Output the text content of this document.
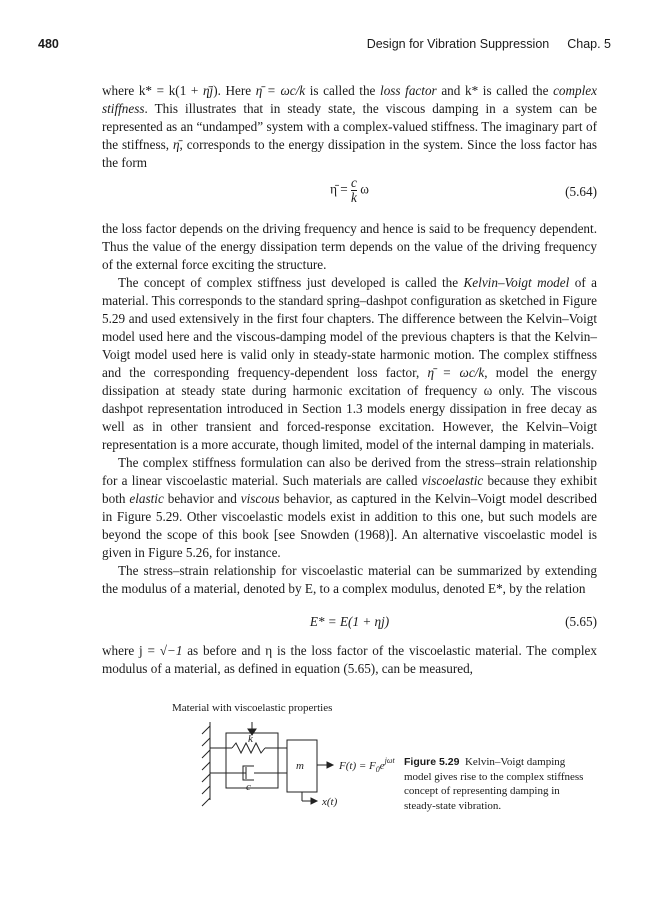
480	Design for Vibration Suppression Chap. 5

where k* = k(1 + η̄j). Here η̄ = ωc/k is called the loss factor and k* is called the complex stiffness. This illustrates that in steady state, the viscous damping in a system can be represented as an “undamped” system with a complex-valued stiffness. The imaginary part of the stiffness, η̄, corresponds to the energy dissipation in the system. Since the loss factor has the form

η̄ = $\frac{c}{k}$ ω	(5.64)

the loss factor depends on the driving frequency and hence is said to be frequency dependent. Thus the value of the energy dissipation term depends on the value of the driving frequency of the external force exciting the structure.

The concept of complex stiffness just developed is called the Kelvin–Voigt model of a material. This corresponds to the standard spring–dashpot configuration as sketched in Figure 5.29 and used extensively in the first four chapters. The difference between the Kelvin–Voigt model used here and the viscous-damping model of the previous chapters is that the Kelvin–Voigt model used here is valid only in steady-state harmonic motion. The complex stiffness and the corresponding frequency-dependent loss factor, η̄ = ωc/k, model the energy dissipation at steady state during harmonic excitation of frequency ω only. The viscous dashpot representation introduced in Section 1.3 models energy dissipation in free decay as well as in other transient and forced-response excitation. However, the Kelvin–Voigt representation is a more accurate, though limited, model of the internal damping in materials.

The complex stiffness formulation can also be derived from the stress–strain relationship for a linear viscoelastic material. Such materials are called viscoelastic because they exhibit both elastic behavior and viscous behavior, as captured in the Kelvin–Voigt model described in Figure 5.29. Other viscoelastic models exist in addition to this one, but such models are beyond the scope of this book [see Snowden (1968)]. An alternative viscoelastic model is given in Figure 5.26, for instance.

The stress–strain relationship for viscoelastic material can be summarized by extending the modulus of a material, denoted by E, to a complex modulus, denoted E*, by the relation

E* = E(1 + ηj)	(5.65)

where j = √−1 as before and η is the loss factor of the viscoelastic material. The complex modulus of a material, as defined in equation (5.65), can be measured,

Material with viscoelastic properties
k
c
m	$F(t) = F_0e^{j\omega t}$
x(t)
Figure 5.29 Kelvin–Voigt damping model gives rise to the complex stiffness concept of representing damping in steady-state vibration.
